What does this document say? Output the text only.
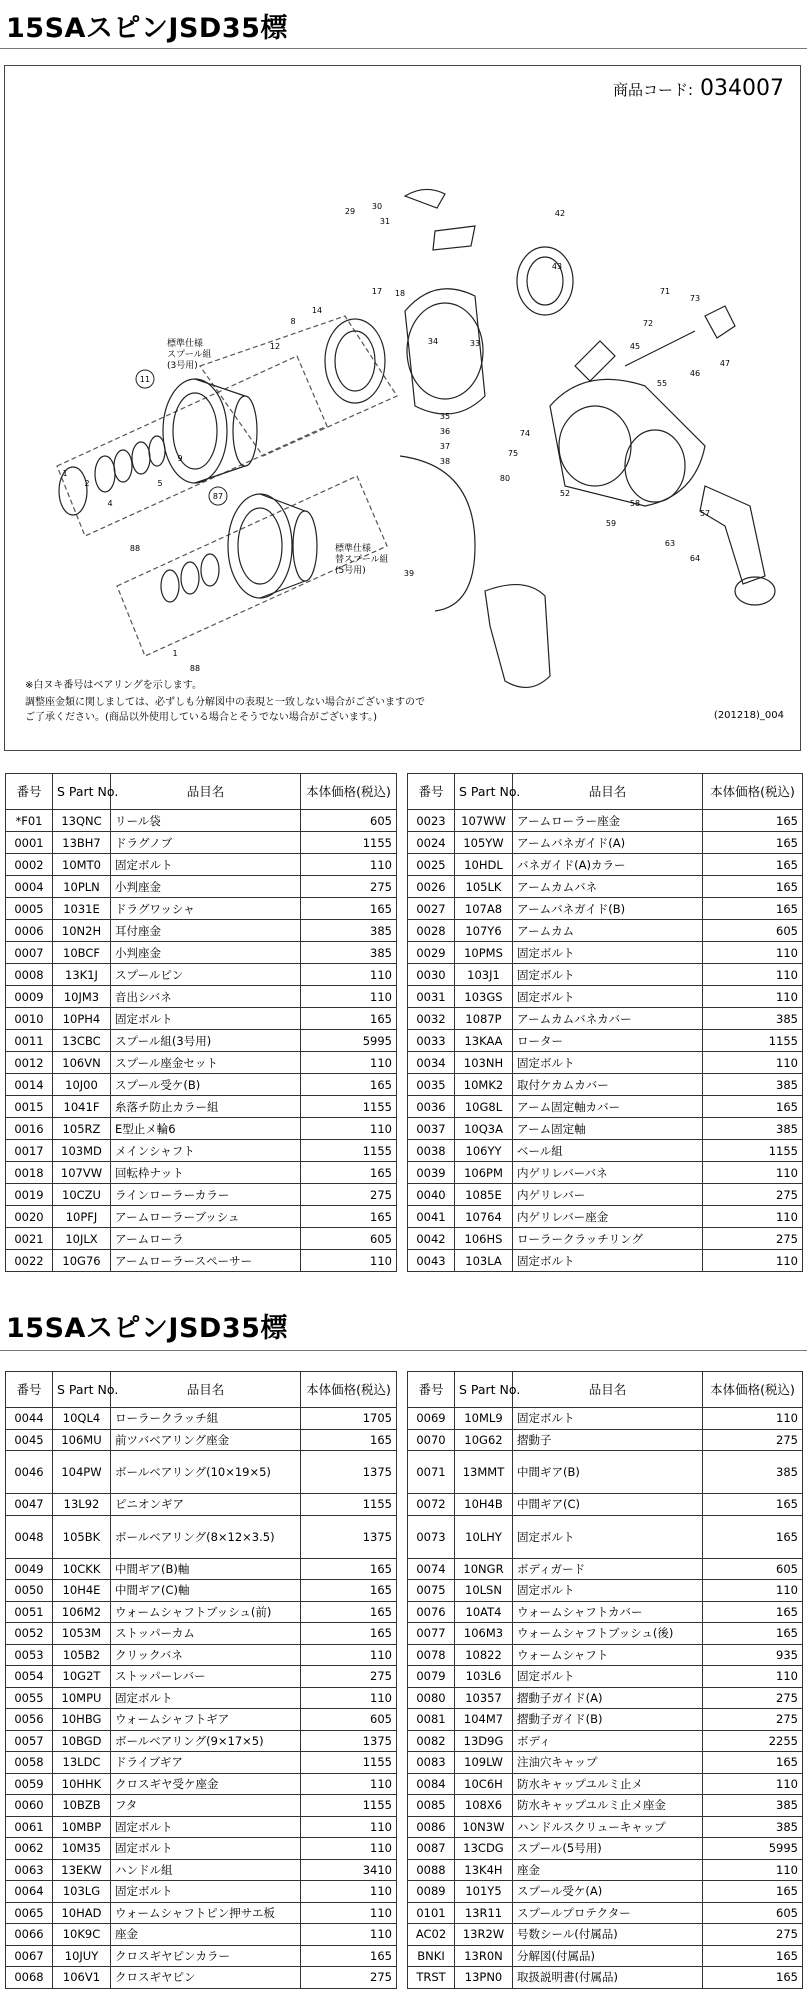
15SAスピンJSD35標
商品コード: 034007
11
87
29
30
31
12
8
14
17 18
34	33
35
36
37
38
39
42
43
45
55
46
47
57
63
64
58
59
52
74
75
80
73
71
72
1
2
4
88
9
5
1
88
標準仕様スプール組(3号用)
標準仕様替スプール組(5号用)
※白ヌキ番号はベアリングを示します。
調整座金類に関しましては、必ずしも分解図中の表現と一致しない場合がございますので
ご了承ください。(商品以外使用している場合とそうでない場合がございます。)	(201218)_004
番号	S Part No.	品目名	本体価格(税込)
*F01	13QNC	リール袋	605
0001	13BH7	ドラグノブ	1155
0002	10MT0	固定ボルト	110
0004	10PLN	小判座金	275
0005	1031E	ドラグワッシャ	165
0006	10N2H	耳付座金	385
0007	10BCF	小判座金	385
0008	13K1J	スプールピン	110
0009	10JM3	音出シバネ	110
0010	10PH4	固定ボルト	165
0011	13CBC	スプール組(3号用)	5995
0012	106VN	スプール座金セット	110
0014	10J00	スプール受ケ(B)	165
0015	1041F	糸落チ防止カラー組	1155
0016	105RZ	E型止メ輪6	110
0017	103MD	メインシャフト	1155
0018	107VW	回転枠ナット	165
0019	10CZU	ラインローラーカラー	275
0020	10PFJ	アームローラーブッシュ	165
0021	10JLX	アームローラ	605
0022	10G76	アームローラースペーサー	110
番号	S Part No.	品目名	本体価格(税込)
0023	107WW	アームローラー座金	165
0024	105YW	アームバネガイド(A)	165
0025	10HDL	バネガイド(A)カラー	165
0026	105LK	アームカムバネ	165
0027	107A8	アームバネガイド(B)	165
0028	107Y6	アームカム	605
0029	10PMS	固定ボルト	110
0030	103J1	固定ボルト	110
0031	103GS	固定ボルト	110
0032	1087P	アームカムバネカバー	385
0033	13KAA	ローター	1155
0034	103NH	固定ボルト	110
0035	10MK2	取付ケカムカバー	385
0036	10G8L	アーム固定軸カバー	165
0037	10Q3A	アーム固定軸	385
0038	106YY	ベール組	1155
0039	106PM	内ゲリレバーバネ	110
0040	1085E	内ゲリレバー	275
0041	10764	内ゲリレバー座金	110
0042	106HS	ローラークラッチリング	275
0043	103LA	固定ボルト	110
15SAスピンJSD35標
番号	S Part No.	品目名	本体価格(税込)
0044	10QL4	ローラークラッチ組	1705
0045	106MU	前ツバベアリング座金	165
0046	104PW	ボールベアリング(10×19×5)	1375
0047	13L92	ピニオンギア	1155
0048	105BK	ボールベアリング(8×12×3.5)	1375
0049	10CKK	中間ギア(B)軸	165
0050	10H4E	中間ギア(C)軸	165
0051	106M2	ウォームシャフトブッシュ(前)	165
0052	1053M	ストッパーカム	165
0053	105B2	クリックバネ	110
0054	10G2T	ストッパーレバー	275
0055	10MPU	固定ボルト	110
0056	10HBG	ウォームシャフトギア	605
0057	10BGD	ボールベアリング(9×17×5)	1375
0058	13LDC	ドライブギア	1155
0059	10HHK	クロスギヤ受ケ座金	110
0060	10BZB	フタ	1155
0061	10MBP	固定ボルト	110
0062	10M35	固定ボルト	110
0063	13EKW	ハンドル組	3410
0064	103LG	固定ボルト	110
0065	10HAD	ウォームシャフトピン押サエ板	110
0066	10K9C	座金	110
0067	10JUY	クロスギヤピンカラー	165
0068	106V1	クロスギヤピン	275
番号	S Part No.	品目名	本体価格(税込)
0069	10ML9	固定ボルト	110
0070	10G62	摺動子	275
0071	13MMT	中間ギア(B)	385
0072	10H4B	中間ギア(C)	165
0073	10LHY	固定ボルト	165
0074	10NGR	ボディガード	605
0075	10LSN	固定ボルト	110
0076	10AT4	ウォームシャフトカバー	165
0077	106M3	ウォームシャフトブッシュ(後)	165
0078	10822	ウォームシャフト	935
0079	103L6	固定ボルト	110
0080	10357	摺動子ガイド(A)	275
0081	104M7	摺動子ガイド(B)	275
0082	13D9G	ボディ	2255
0083	109LW	注油穴キャップ	165
0084	10C6H	防水キャップユルミ止メ	110
0085	108X6	防水キャップユルミ止メ座金	385
0086	10N3W	ハンドルスクリューキャップ	385
0087	13CDG	スプール(5号用)	5995
0088	13K4H	座金	110
0089	101Y5	スプール受ケ(A)	165
0101	13R11	スプールプロテクター	605
AC02	13R2W	号数シール(付属品)	275
BNKI	13R0N	分解図(付属品)	165
TRST	13PN0	取扱説明書(付属品)	165
